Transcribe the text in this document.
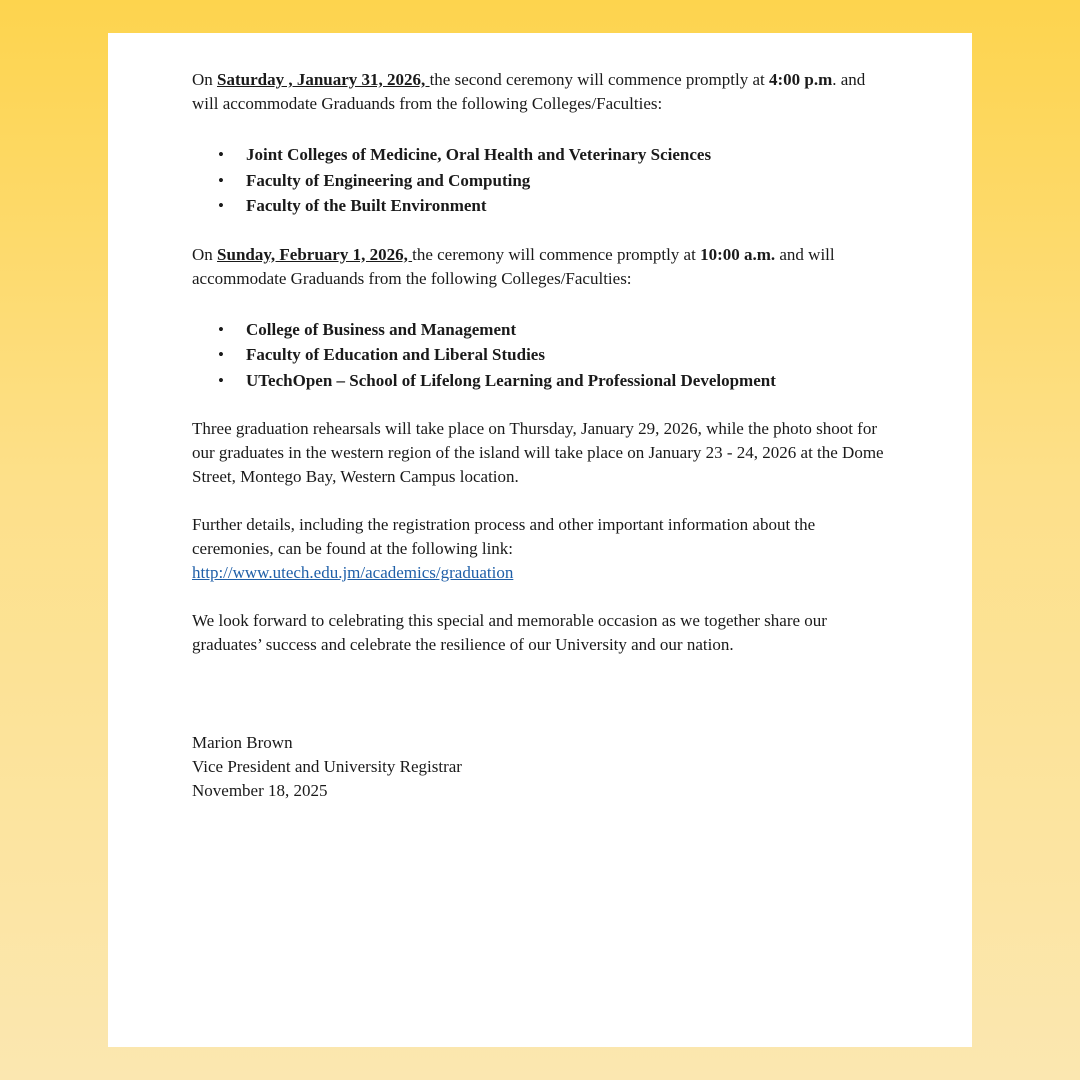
On Saturday , January 31, 2026, the second ceremony will commence promptly at 4:00 p.m. and will accommodate Graduands from the following Colleges/Faculties:

• Joint Colleges of Medicine, Oral Health and Veterinary Sciences
• Faculty of Engineering and Computing
• Faculty of the Built Environment

On Sunday, February 1, 2026, the ceremony will commence promptly at 10:00 a.m. and will accommodate Graduands from the following Colleges/Faculties:

• College of Business and Management
• Faculty of Education and Liberal Studies
• UTechOpen – School of Lifelong Learning and Professional Development

Three graduation rehearsals will take place on Thursday, January 29, 2026, while the photo shoot for our graduates in the western region of the island will take place on January 23 - 24, 2026 at the Dome Street, Montego Bay, Western Campus location.

Further details, including the registration process and other important information about the ceremonies, can be found at the following link:
http://www.utech.edu.jm/academics/graduation

We look forward to celebrating this special and memorable occasion as we together share our graduates’ success and celebrate the resilience of our University and our nation.

Marion Brown

Vice President and University Registrar

November 18, 2025
